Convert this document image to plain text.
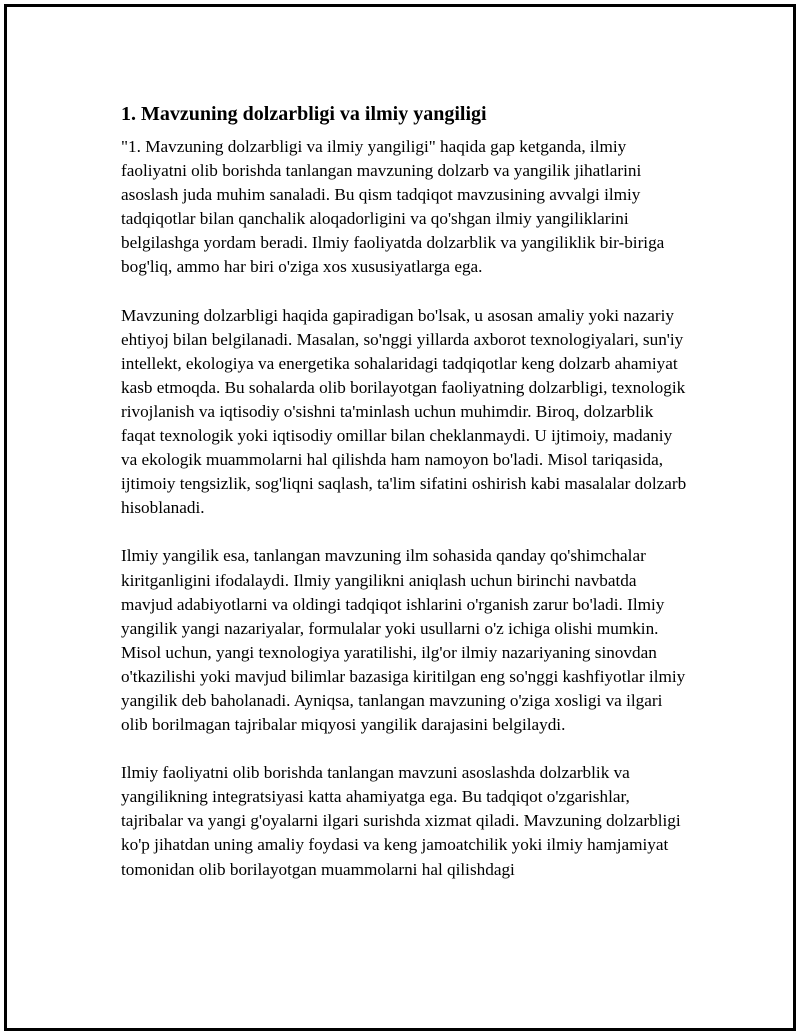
1. Mavzuning dolzarbligi va ilmiy yangiligi

"1. Mavzuning dolzarbligi va ilmiy yangiligi" haqida gap ketganda, ilmiy faoliyatni olib borishda tanlangan mavzuning dolzarb va yangilik jihatlarini asoslash juda muhim sanaladi. Bu qism tadqiqot mavzusining avvalgi ilmiy tadqiqotlar bilan qanchalik aloqadorligini va qo'shgan ilmiy yangiliklarini belgilashga yordam beradi. Ilmiy faoliyatda dolzarblik va yangiliklik bir-biriga bog'liq, ammo har biri o'ziga xos xususiyatlarga ega.

Mavzuning dolzarbligi haqida gapiradigan bo'lsak, u asosan amaliy yoki nazariy ehtiyoj bilan belgilanadi. Masalan, so'nggi yillarda axborot texnologiyalari, sun'iy intellekt, ekologiya va energetika sohalaridagi tadqiqotlar keng dolzarb ahamiyat kasb etmoqda. Bu sohalarda olib borilayotgan faoliyatning dolzarbligi, texnologik rivojlanish va iqtisodiy o'sishni ta'minlash uchun muhimdir. Biroq, dolzarblik faqat texnologik yoki iqtisodiy omillar bilan cheklanmaydi. U ijtimoiy, madaniy va ekologik muammolarni hal qilishda ham namoyon bo'ladi. Misol tariqasida, ijtimoiy tengsizlik, sog'liqni saqlash, ta'lim sifatini oshirish kabi masalalar dolzarb hisoblanadi.

Ilmiy yangilik esa, tanlangan mavzuning ilm sohasida qanday qo'shimchalar kiritganligini ifodalaydi. Ilmiy yangilikni aniqlash uchun birinchi navbatda mavjud adabiyotlarni va oldingi tadqiqot ishlarini o'rganish zarur bo'ladi. Ilmiy yangilik yangi nazariyalar, formulalar yoki usullarni o'z ichiga olishi mumkin. Misol uchun, yangi texnologiya yaratilishi, ilg'or ilmiy nazariyaning sinovdan o'tkazilishi yoki mavjud bilimlar bazasiga kiritilgan eng so'nggi kashfiyotlar ilmiy yangilik deb baholanadi. Ayniqsa, tanlangan mavzuning o'ziga xosligi va ilgari olib borilmagan tajribalar miqyosi yangilik darajasini belgilaydi.

Ilmiy faoliyatni olib borishda tanlangan mavzuni asoslashda dolzarblik va yangilikning integratsiyasi katta ahamiyatga ega. Bu tadqiqot o'zgarishlar, tajribalar va yangi g'oyalarni ilgari surishda xizmat qiladi. Mavzuning dolzarbligi ko'p jihatdan uning amaliy foydasi va keng jamoatchilik yoki ilmiy hamjamiyat tomonidan olib borilayotgan muammolarni hal qilishdagi
